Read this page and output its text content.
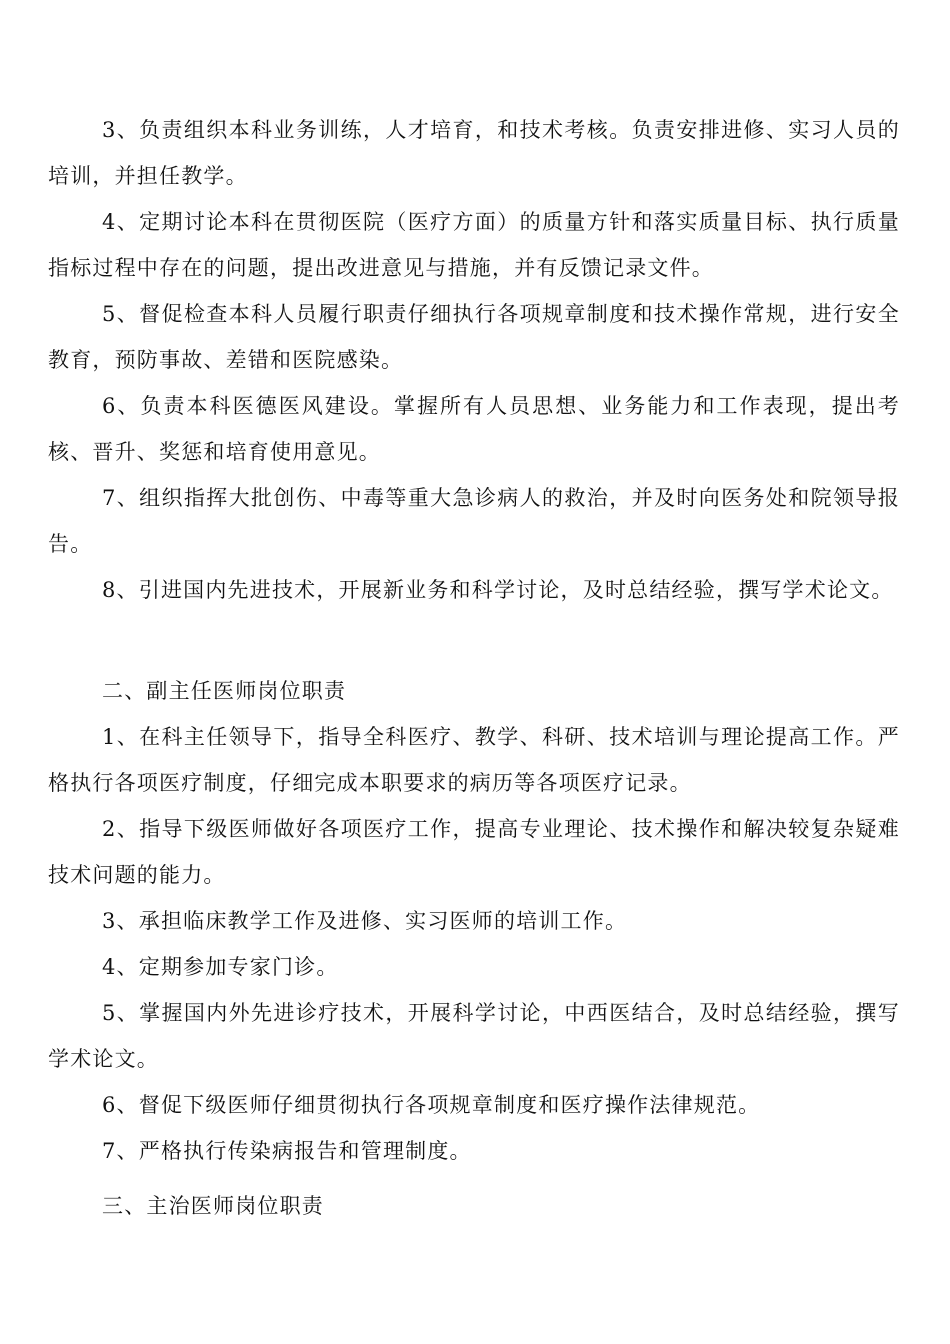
3、负责组织本科业务训练，人才培育，和技术考核。负责安排进修、实习人员的培训，并担任教学。

4、定期讨论本科在贯彻医院（医疗方面）的质量方针和落实质量目标、执行质量指标过程中存在的问题，提出改进意见与措施，并有反馈记录文件。

5、督促检查本科人员履行职责仔细执行各项规章制度和技术操作常规，进行安全教育，预防事故、差错和医院感染。

6、负责本科医德医风建设。掌握所有人员思想、业务能力和工作表现，提出考核、晋升、奖惩和培育使用意见。

7、组织指挥大批创伤、中毒等重大急诊病人的救治，并及时向医务处和院领导报告。

8、引进国内先进技术，开展新业务和科学讨论，及时总结经验，撰写学术论文。

二、副主任医师岗位职责

1、在科主任领导下，指导全科医疗、教学、科研、技术培训与理论提高工作。严格执行各项医疗制度，仔细完成本职要求的病历等各项医疗记录。

2、指导下级医师做好各项医疗工作，提高专业理论、技术操作和解决较复杂疑难技术问题的能力。

3、承担临床教学工作及进修、实习医师的培训工作。

4、定期参加专家门诊。

5、掌握国内外先进诊疗技术，开展科学讨论，中西医结合，及时总结经验，撰写学术论文。

6、督促下级医师仔细贯彻执行各项规章制度和医疗操作法律规范。

7、严格执行传染病报告和管理制度。

三、主治医师岗位职责
